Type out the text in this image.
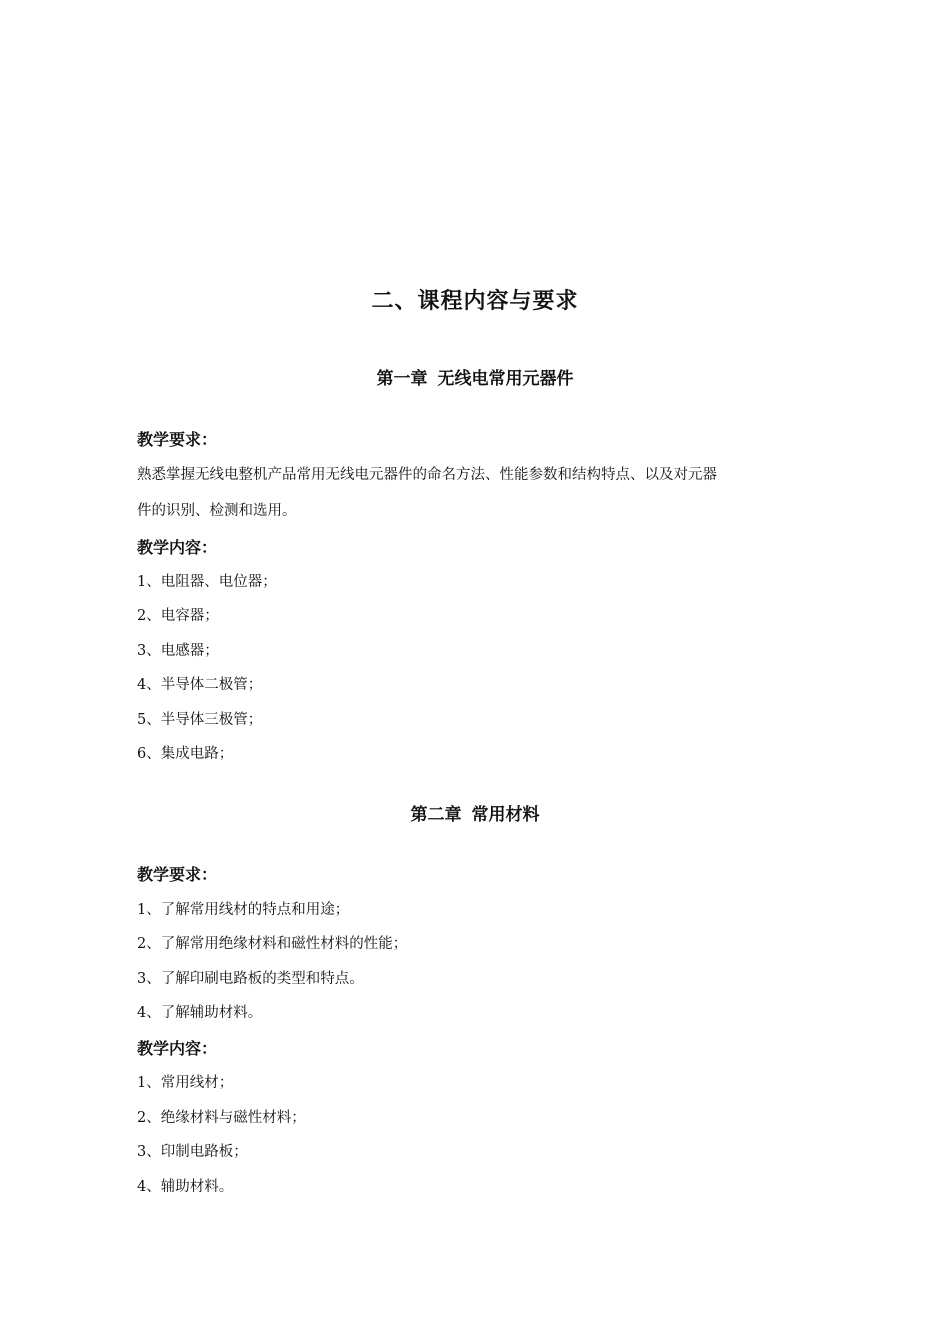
二、课程内容与要求
第一章 无线电常用元器件
教学要求：
熟悉掌握无线电整机产品常用无线电元器件的命名方法、性能参数和结构特点、以及对元器
件的识别、检测和选用。
教学内容：
1、电阻器、电位器；
2、电容器；
3、电感器；
4、半导体二极管；
5、半导体三极管；
6、集成电路；
第二章 常用材料
教学要求：
1、了解常用线材的特点和用途；
2、了解常用绝缘材料和磁性材料的性能；
3、了解印刷电路板的类型和特点。
4、了解辅助材料。
教学内容：
1、常用线材；
2、绝缘材料与磁性材料；
3、印制电路板；
4、辅助材料。
